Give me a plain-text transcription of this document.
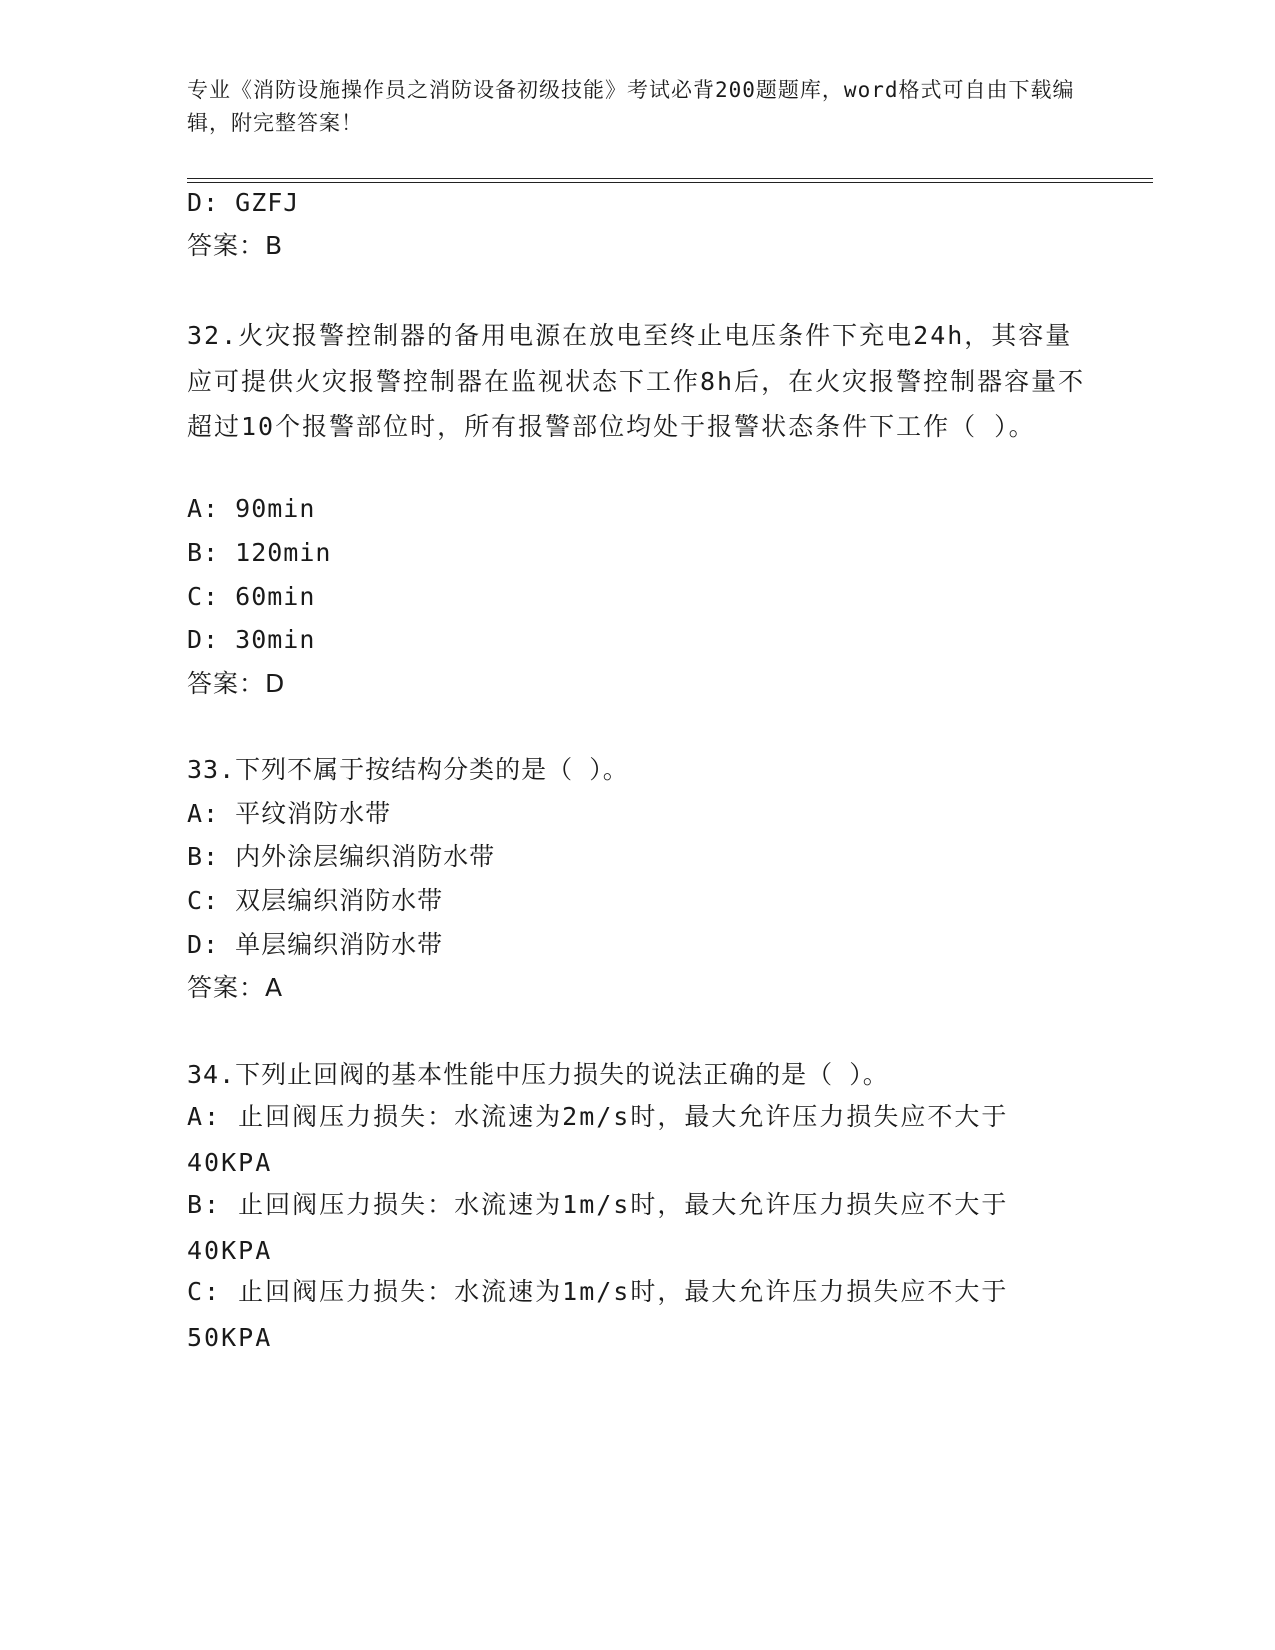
专业《消防设施操作员之消防设备初级技能》考试必背200题题库，word格式可自由下载编辑，附完整答案！
D: GZFJ
答案：B
32.火灾报警控制器的备用电源在放电至终止电压条件下充电24h，其容量应可提供火灾报警控制器在监视状态下工作8h后，在火灾报警控制器容量不超过10个报警部位时，所有报警部位均处于报警状态条件下工作（ ）。
A: 90min
B: 120min
C: 60min
D: 30min
答案：D
33.下列不属于按结构分类的是（ ）。
A: 平纹消防水带
B: 内外涂层编织消防水带
C: 双层编织消防水带
D: 单层编织消防水带
答案：A
34.下列止回阀的基本性能中压力损失的说法正确的是（ ）。
A: 止回阀压力损失：水流速为2m/s时，最大允许压力损失应不大于40KPA
B: 止回阀压力损失：水流速为1m/s时，最大允许压力损失应不大于40KPA
C: 止回阀压力损失：水流速为1m/s时，最大允许压力损失应不大于50KPA
